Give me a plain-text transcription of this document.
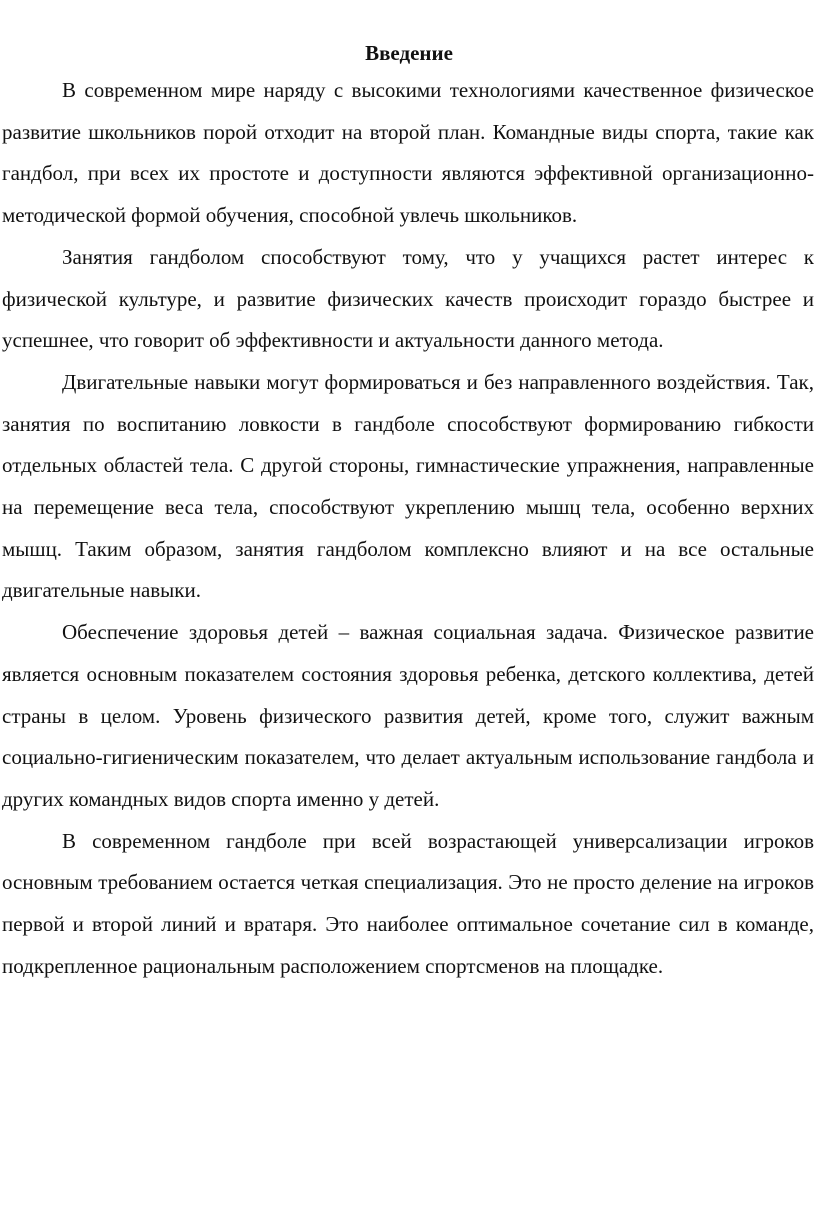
Введение

В современном мире наряду с высокими технологиями качественное физическое развитие школьников порой отходит на второй план. Командные виды спорта, такие как гандбол, при всех их простоте и доступности являются эффективной организационно-методической формой обучения, способной увлечь школьников.

Занятия гандболом способствуют тому, что у учащихся растет интерес к физической культуре, и развитие физических качеств происходит гораздо быстрее и успешнее, что говорит об эффективности и актуальности данного метода.

Двигательные навыки могут формироваться и без направленного воздействия. Так, занятия по воспитанию ловкости в гандболе способствуют формированию гибкости отдельных областей тела. С другой стороны, гимнастические упражнения, направленные на перемещение веса тела, способствуют укреплению мышц тела, особенно верхних мышц. Таким образом, занятия гандболом комплексно влияют и на все остальные двигательные навыки.

Обеспечение здоровья детей – важная социальная задача. Физическое развитие является основным показателем состояния здоровья ребенка, детского коллектива, детей страны в целом. Уровень физического развития детей, кроме того, служит важным социально-гигиеническим показателем, что делает актуальным использование гандбола и других командных видов спорта именно у детей.

В современном гандболе при всей возрастающей универсализации игроков основным требованием остается четкая специализация. Это не просто деление на игроков первой и второй линий и вратаря. Это наиболее оптимальное сочетание сил в команде, подкрепленное рациональным расположением спортсменов на площадке.
